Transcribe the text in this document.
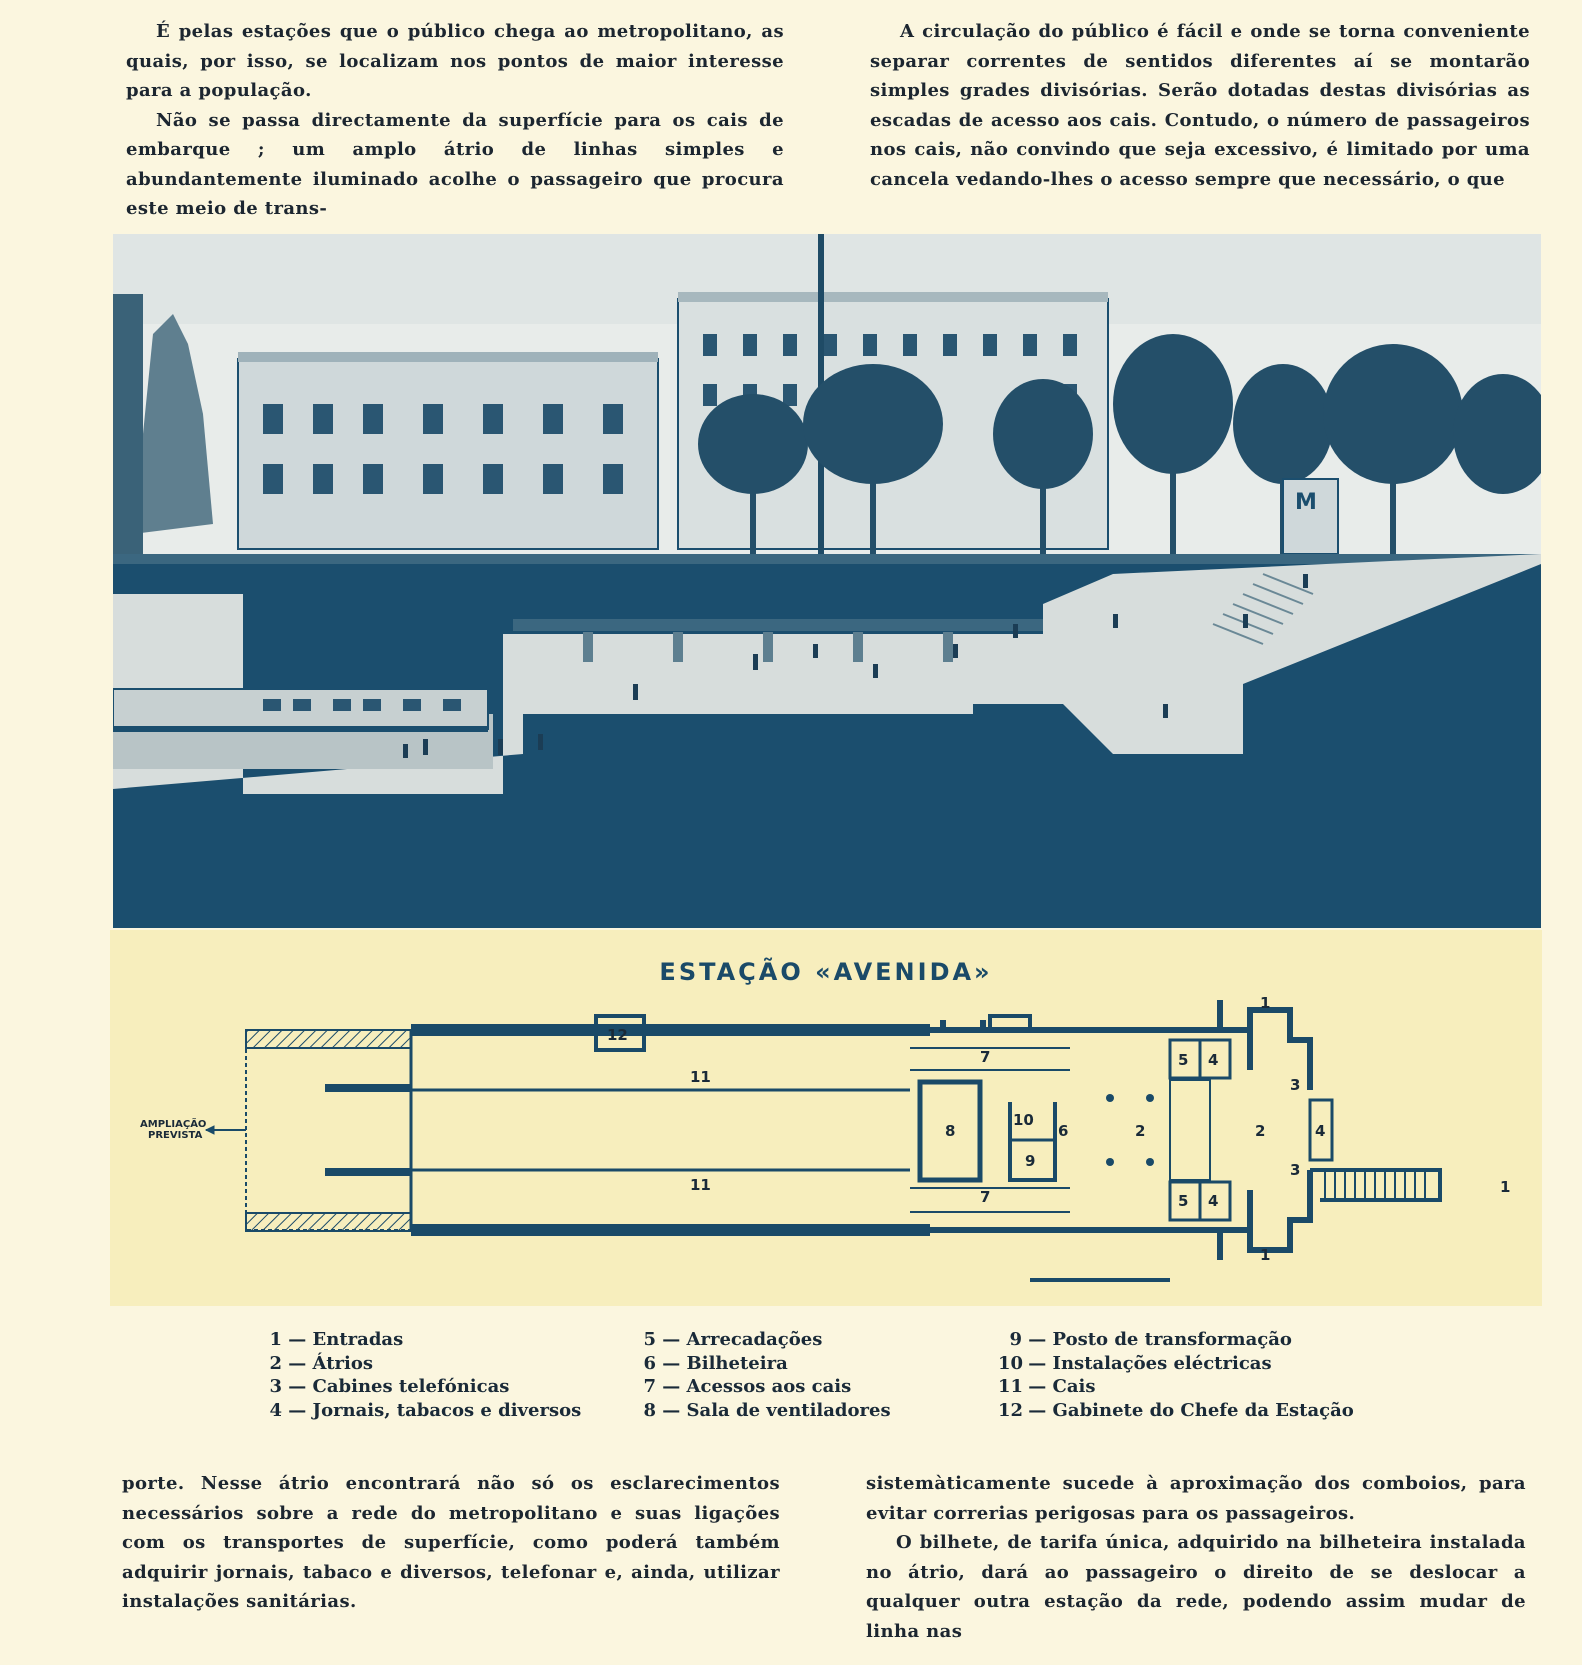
É pelas estações que o público chega ao metropolitano, as quais, por isso, se localizam nos pontos de maior interesse para a população.

Não se passa directamente da superfície para os cais de embarque ; um amplo átrio de linhas simples e abundantemente iluminado acolhe o passageiro que procura este meio de trans-

A circulação do público é fácil e onde se torna conveniente separar correntes de sentidos diferentes aí se montarão simples grades divisórias. Serão dotadas destas divisórias as escadas de acesso aos cais. Contudo, o número de passageiros nos cais, não convindo que seja excessivo, é limitado por uma cancela vedando-lhes o acesso sempre que necessário, o que

M
ESTAÇÃO «AVENIDA»
12
11
11
8
10
9
6
7
7
2	2
5 4
5 4
4
3
3
1
1
1
AMPLIAÇÃO
PREVISTA
1 — Entradas
2 — Átrios
3 — Cabines telefónicas
4 — Jornais, tabacos e diversos
5 — Arrecadações
6 — Bilheteira
7 — Acessos aos cais
8 — Sala de ventiladores
9 — Posto de transformação
10 — Instalações eléctricas
11 — Cais
12 — Gabinete do Chefe da Estação

porte. Nesse átrio encontrará não só os esclarecimentos necessários sobre a rede do metropolitano e suas ligações com os transportes de superfície, como poderá também adquirir jornais, tabaco e diversos, telefonar e, ainda, utilizar instalações sanitárias.

sistemàticamente sucede à aproximação dos comboios, para evitar correrias perigosas para os passageiros.

O bilhete, de tarifa única, adquirido na bilheteira instalada no átrio, dará ao passageiro o direito de se deslocar a qualquer outra estação da rede, podendo assim mudar de linha nas
